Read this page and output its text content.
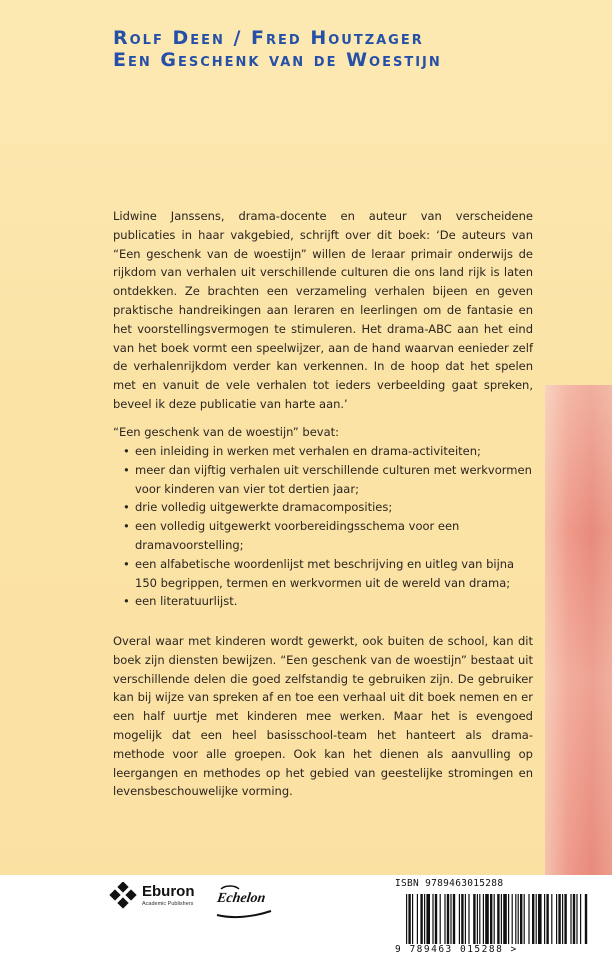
Rolf Deen / Fred Houtzager
Een Geschenk van de Woestijn
Lidwine Janssens, drama-docente en auteur van verscheidene publicaties in haar vakgebied, schrijft over dit boek: ‘De auteurs van “Een geschenk van de woestijn” willen de leraar primair onderwijs de rijkdom van verhalen uit verschillende culturen die ons land rijk is laten ontdekken. Ze brachten een verzameling verhalen bijeen en geven praktische handreikingen aan leraren en leerlingen om de fantasie en het voorstellingsvermogen te stimuleren. Het drama-ABC aan het eind van het boek vormt een speelwijzer, aan de hand waarvan eenieder zelf de verhalenrijkdom verder kan verkennen. In de hoop dat het spelen met en vanuit de vele verhalen tot ieders verbeelding gaat spreken, beveel ik deze publicatie van harte aan.’
“Een geschenk van de woestijn” bevat:
• een inleiding in werken met verhalen en drama-activiteiten;
• meer dan vijftig verhalen uit verschillende culturen met werkvormen voor kinderen van vier tot dertien jaar;
• drie volledig uitgewerkte dramacomposities;
• een volledig uitgewerkt voorbereidingsschema voor een dramavoorstelling;
• een alfabetische woordenlijst met beschrijving en uitleg van bijna 150 begrippen, termen en werkvormen uit de wereld van drama;
• een literatuurlijst.
Overal waar met kinderen wordt gewerkt, ook buiten de school, kan dit boek zijn diensten bewijzen. “Een geschenk van de woestijn” bestaat uit verschillende delen die goed zelfstandig te gebruiken zijn. De gebruiker kan bij wijze van spreken af en toe een verhaal uit dit boek nemen en er een half uurtje met kinderen mee werken. Maar het is evengoed mogelijk dat een heel basisschool-team het hanteert als drama-methode voor alle groepen. Ook kan het dienen als aanvulling op leergangen en methodes op het gebied van geestelijke stromingen en levensbeschouwelijke vorming.
Eburon
Academic Publishers Echelon
ISBN 9789463015288
9 789463 015288 >
